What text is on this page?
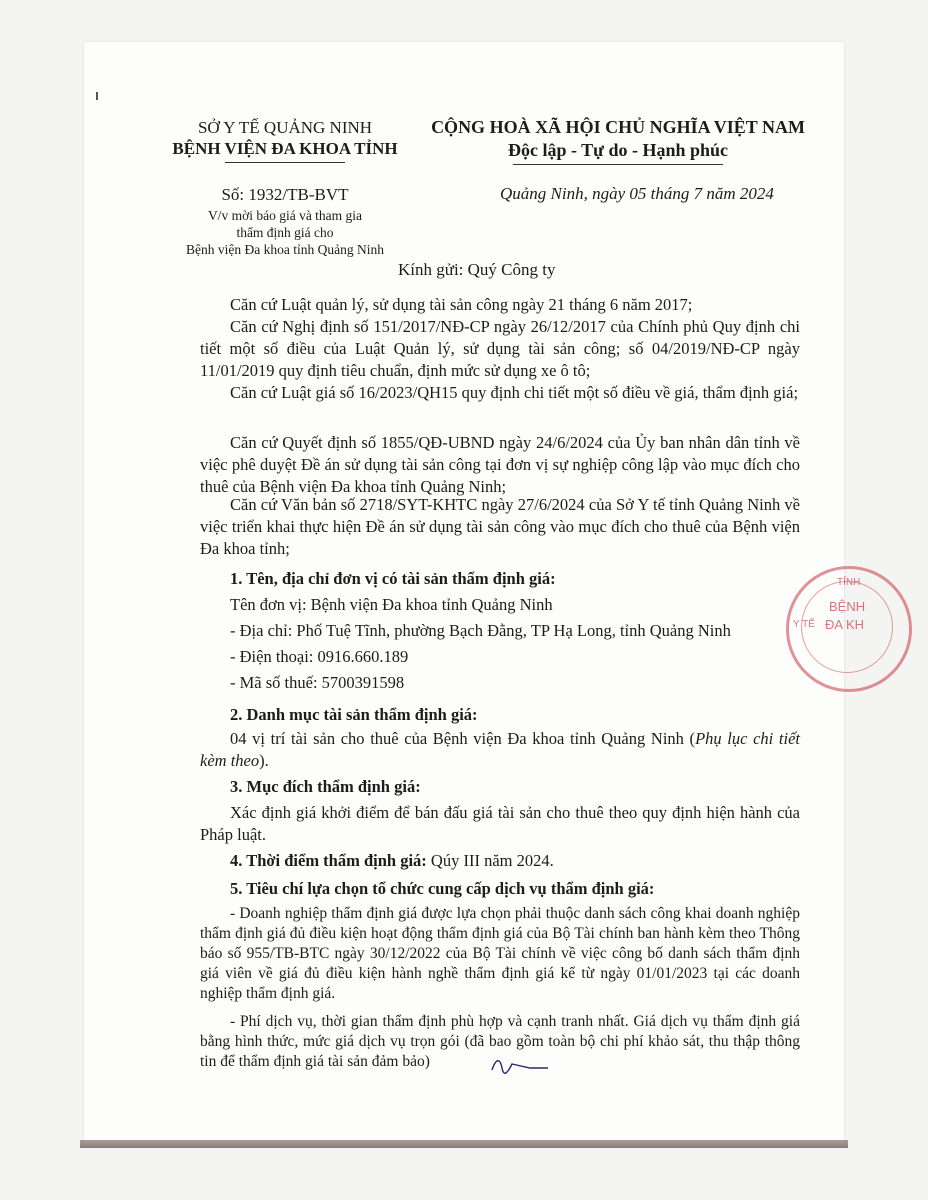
SỞ Y TẾ QUẢNG NINH
BỆNH VIỆN ĐA KHOA TỈNH
Số: 1932/TB-BVT
V/v mời báo giá và tham gia
thẩm định giá cho
Bệnh viện Đa khoa tỉnh Quảng Ninh
CỘNG HOÀ XÃ HỘI CHỦ NGHĨA VIỆT NAM
Độc lập - Tự do - Hạnh phúc
Quảng Ninh, ngày 05 tháng 7 năm 2024
Kính gửi: Quý Công ty

Căn cứ Luật quản lý, sử dụng tài sản công ngày 21 tháng 6 năm 2017;

Căn cứ Nghị định số 151/2017/NĐ-CP ngày 26/12/2017 của Chính phủ Quy định chi tiết một số điều của Luật Quản lý, sử dụng tài sản công; số 04/2019/NĐ-CP ngày 11/01/2019 quy định tiêu chuẩn, định mức sử dụng xe ô tô;

Căn cứ Luật giá số 16/2023/QH15 quy định chi tiết một số điều về giá, thẩm định giá;

Căn cứ Quyết định số 1855/QĐ-UBND ngày 24/6/2024 của Ủy ban nhân dân tỉnh về việc phê duyệt Đề án sử dụng tài sản công tại đơn vị sự nghiệp công lập vào mục đích cho thuê của Bệnh viện Đa khoa tỉnh Quảng Ninh;

Căn cứ Văn bản số 2718/SYT-KHTC ngày 27/6/2024 của Sở Y tế tỉnh Quảng Ninh về việc triển khai thực hiện Đề án sử dụng tài sản công vào mục đích cho thuê của Bệnh viện Đa khoa tỉnh;

1. Tên, địa chỉ đơn vị có tài sản thẩm định giá:

Tên đơn vị: Bệnh viện Đa khoa tỉnh Quảng Ninh

- Địa chỉ: Phố Tuệ Tĩnh, phường Bạch Đằng, TP Hạ Long, tỉnh Quảng Ninh

- Điện thoại: 0916.660.189

- Mã số thuế: 5700391598

2. Danh mục tài sản thẩm định giá:

04 vị trí tài sản cho thuê của Bệnh viện Đa khoa tỉnh Quảng Ninh (Phụ lục chi tiết kèm theo).

3. Mục đích thẩm định giá:

Xác định giá khởi điểm để bán đấu giá tài sản cho thuê theo quy định hiện hành của Pháp luật.

4. Thời điểm thẩm định giá: Qúy III năm 2024.

5. Tiêu chí lựa chọn tổ chức cung cấp dịch vụ thẩm định giá:

- Doanh nghiệp thẩm định giá được lựa chọn phải thuộc danh sách công khai doanh nghiệp thẩm định giá đủ điều kiện hoạt động thẩm định giá của Bộ Tài chính ban hành kèm theo Thông báo số 955/TB-BTC ngày 30/12/2022 của Bộ Tài chính về việc công bố danh sách thẩm định giá viên về giá đủ điều kiện hành nghề thẩm định giá kể từ ngày 01/01/2023 tại các doanh nghiệp thẩm định giá.

- Phí dịch vụ, thời gian thẩm định phù hợp và cạnh tranh nhất. Giá dịch vụ thẩm định giá bằng hình thức, mức giá dịch vụ trọn gói (đã bao gồm toàn bộ chi phí khảo sát, thu thập thông tin để thẩm định giá tài sản đảm bảo)

TỈNH
BỆNH
ĐA KH
Y TẾ
